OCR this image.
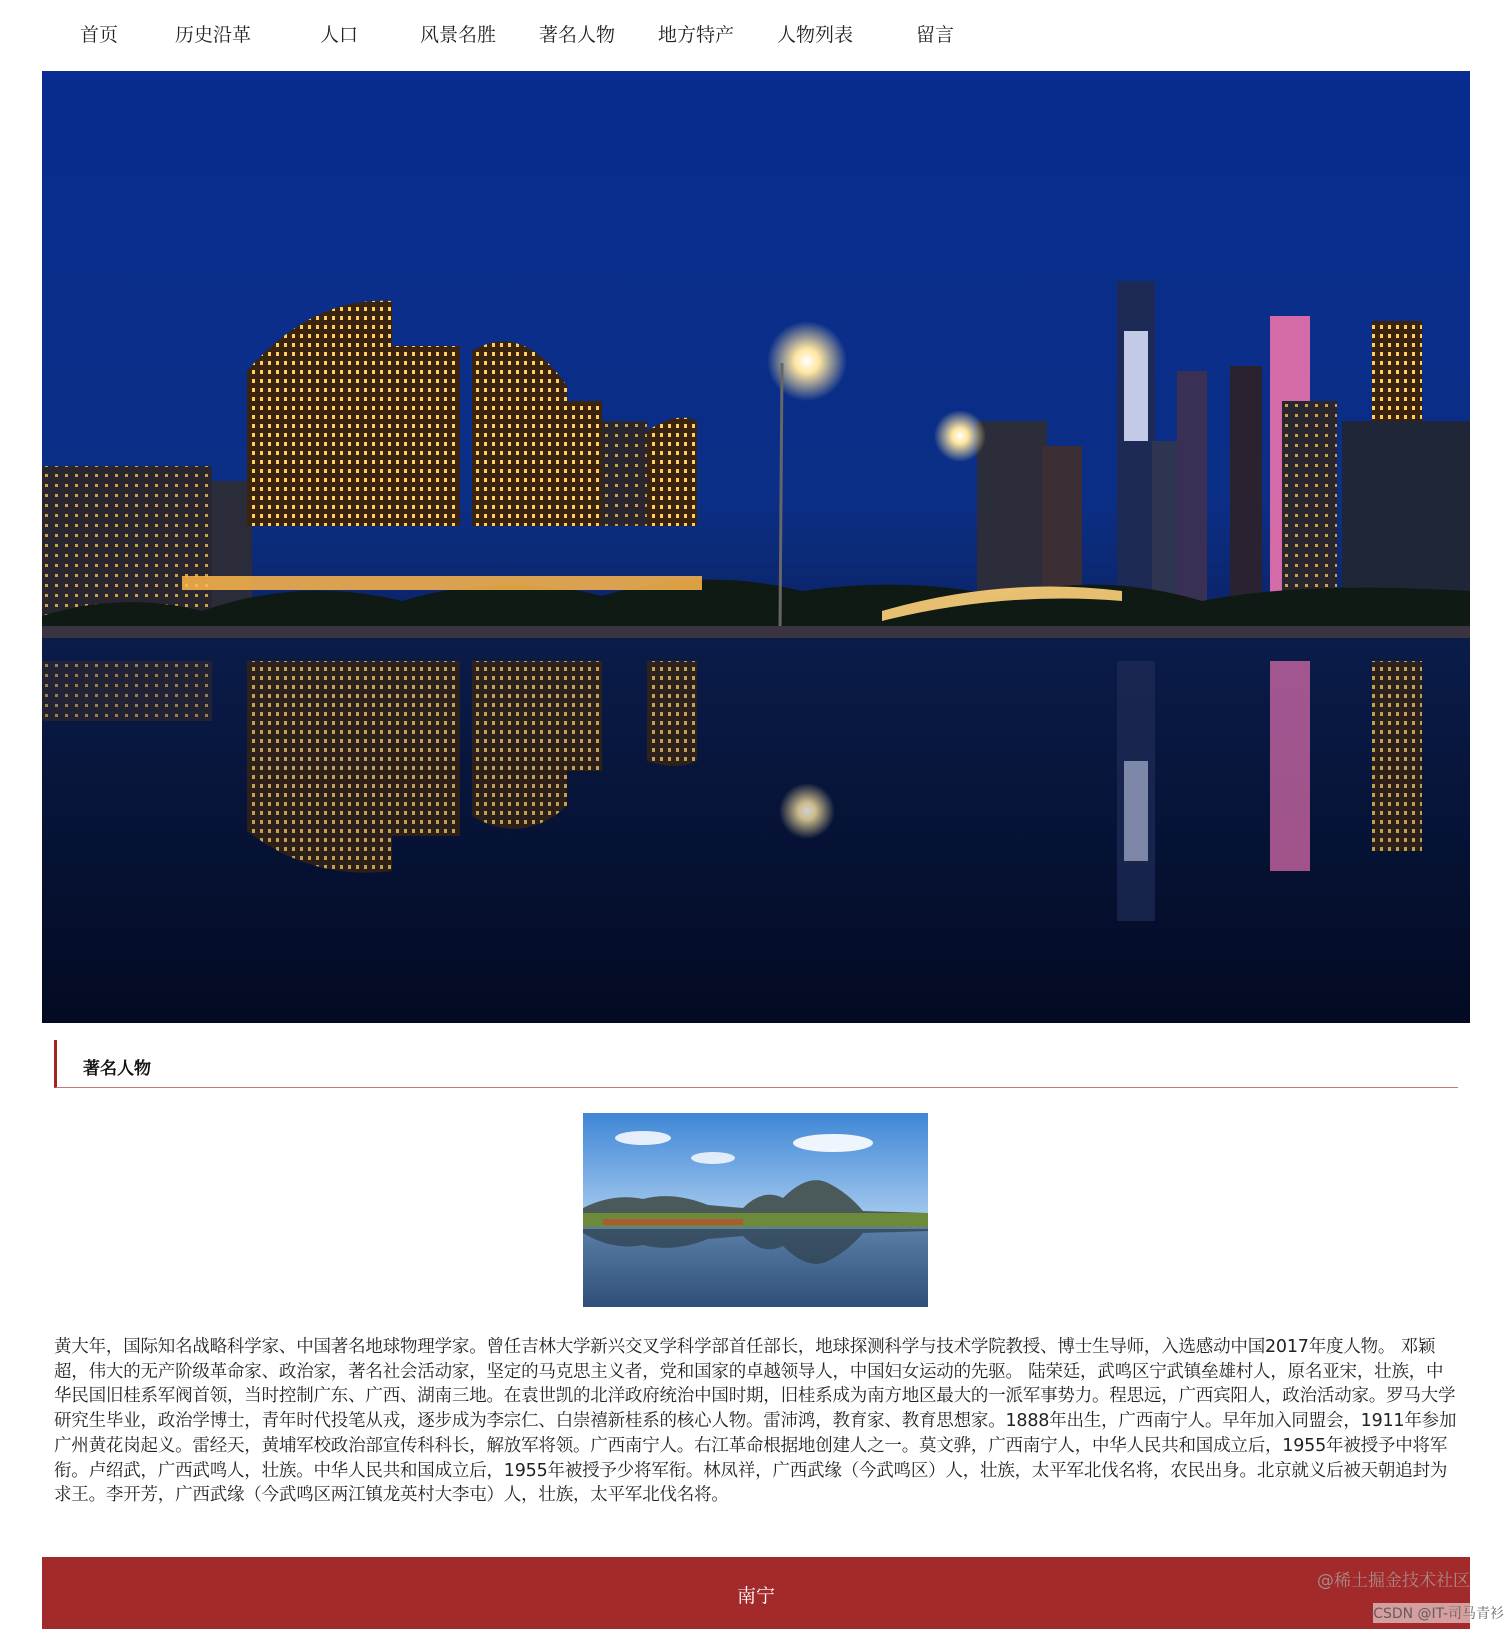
首页	历史沿革	人口	风景名胜 著名人物 地方特产 人物列表	留言
著名人物
黄大年，国际知名战略科学家、中国著名地球物理学家。曾任吉林大学新兴交叉学科学部首任部长，地球探测科学与技术学院教授、博士生导师，入选感动中国2017年度人物。 邓颖超，伟大的无产阶级革命家、政治家，著名社会活动家，坚定的马克思主义者，党和国家的卓越领导人，中国妇女运动的先驱。 陆荣廷，武鸣区宁武镇垒雄村人，原名亚宋，壮族，中华民国旧桂系军阀首领，当时控制广东、广西、湖南三地。在袁世凯的北洋政府统治中国时期，旧桂系成为南方地区最大的一派军事势力。程思远，广西宾阳人，政治活动家。罗马大学研究生毕业，政治学博士，青年时代投笔从戎，逐步成为李宗仁、白崇禧新桂系的核心人物。雷沛鸿，教育家、教育思想家。1888年出生，广西南宁人。早年加入同盟会，1911年参加广州黄花岗起义。雷经天，黄埔军校政治部宣传科科长，解放军将领。广西南宁人。右江革命根据地创建人之一。莫文骅，广西南宁人，中华人民共和国成立后，1955年被授予中将军衔。卢绍武，广西武鸣人，壮族。中华人民共和国成立后，1955年被授予少将军衔。林凤祥，广西武缘（今武鸣区）人，壮族，太平军北伐名将，农民出身。北京就义后被天朝追封为求王。李开芳，广西武缘（今武鸣区两江镇龙英村大李屯）人，壮族，太平军北伐名将。
南宁
@稀土掘金技术社区
CSDN @IT-司马青衫
